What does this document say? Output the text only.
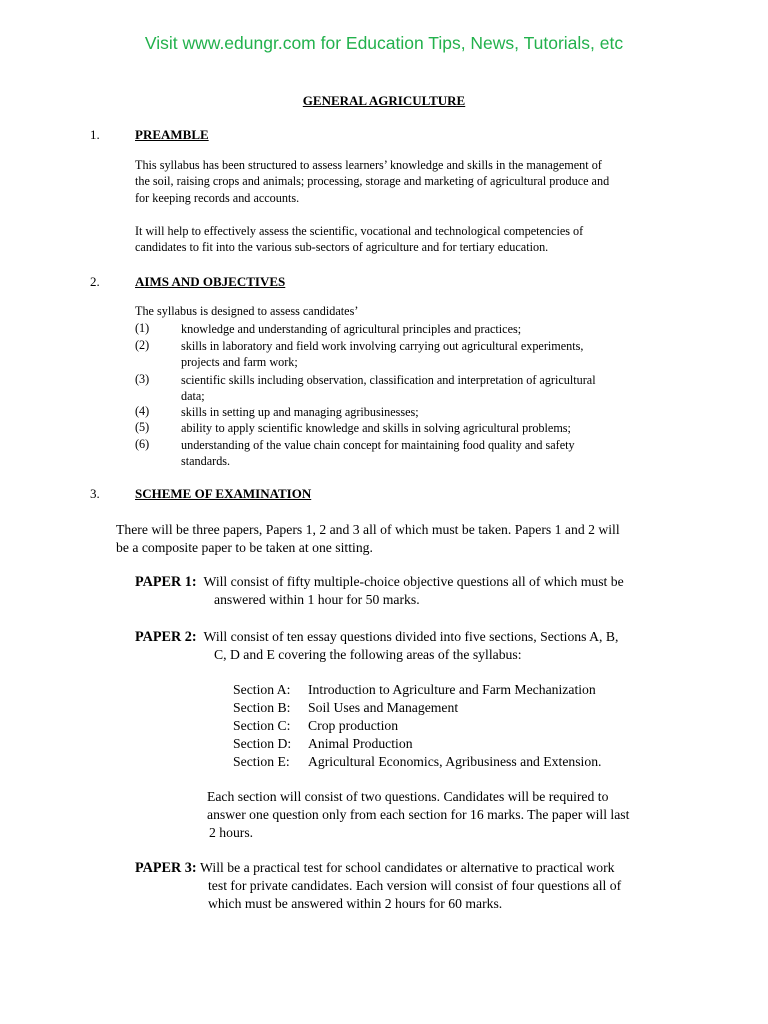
Visit www.edungr.com for Education Tips, News, Tutorials, etc
GENERAL AGRICULTURE
1.	PREAMBLE
This syllabus has been structured to assess learners’ knowledge and skills in the management of
the soil, raising crops and animals; processing, storage and marketing of agricultural produce and
for keeping records and accounts.
It will help to effectively assess the scientific, vocational and technological competencies of
candidates to fit into the various sub-sectors of agriculture and for tertiary education.
2.	AIMS AND OBJECTIVES
The syllabus is designed to assess candidates’
(1)	knowledge and understanding of agricultural principles and practices;
(2)	skills in laboratory and field work involving carrying out agricultural experiments,
projects and farm work;
(3)	scientific skills including observation, classification and interpretation of agricultural
data;
(4)	skills in setting up and managing agribusinesses;
(5)	ability to apply scientific knowledge and skills in solving agricultural problems;
(6)	understanding of the value chain concept for maintaining food quality and safety
standards.
3.	SCHEME OF EXAMINATION
There will be three papers, Papers 1, 2 and 3 all of which must be taken. Papers 1 and 2 will
be a composite paper to be taken at one sitting.
PAPER 1: Will consist of fifty multiple-choice objective questions all of which must be
answered within 1 hour for 50 marks.
PAPER 2: Will consist of ten essay questions divided into five sections, Sections A, B,
C, D and E covering the following areas of the syllabus:
Section A: Introduction to Agriculture and Farm Mechanization
Section B: Soil Uses and Management
Section C: Crop production
Section D: Animal Production
Section E: Agricultural Economics, Agribusiness and Extension.
Each section will consist of two questions. Candidates will be required to
answer one question only from each section for 16 marks. The paper will last
2 hours.
PAPER 3: Will be a practical test for school candidates or alternative to practical work
test for private candidates. Each version will consist of four questions all of
which must be answered within 2 hours for 60 marks.
